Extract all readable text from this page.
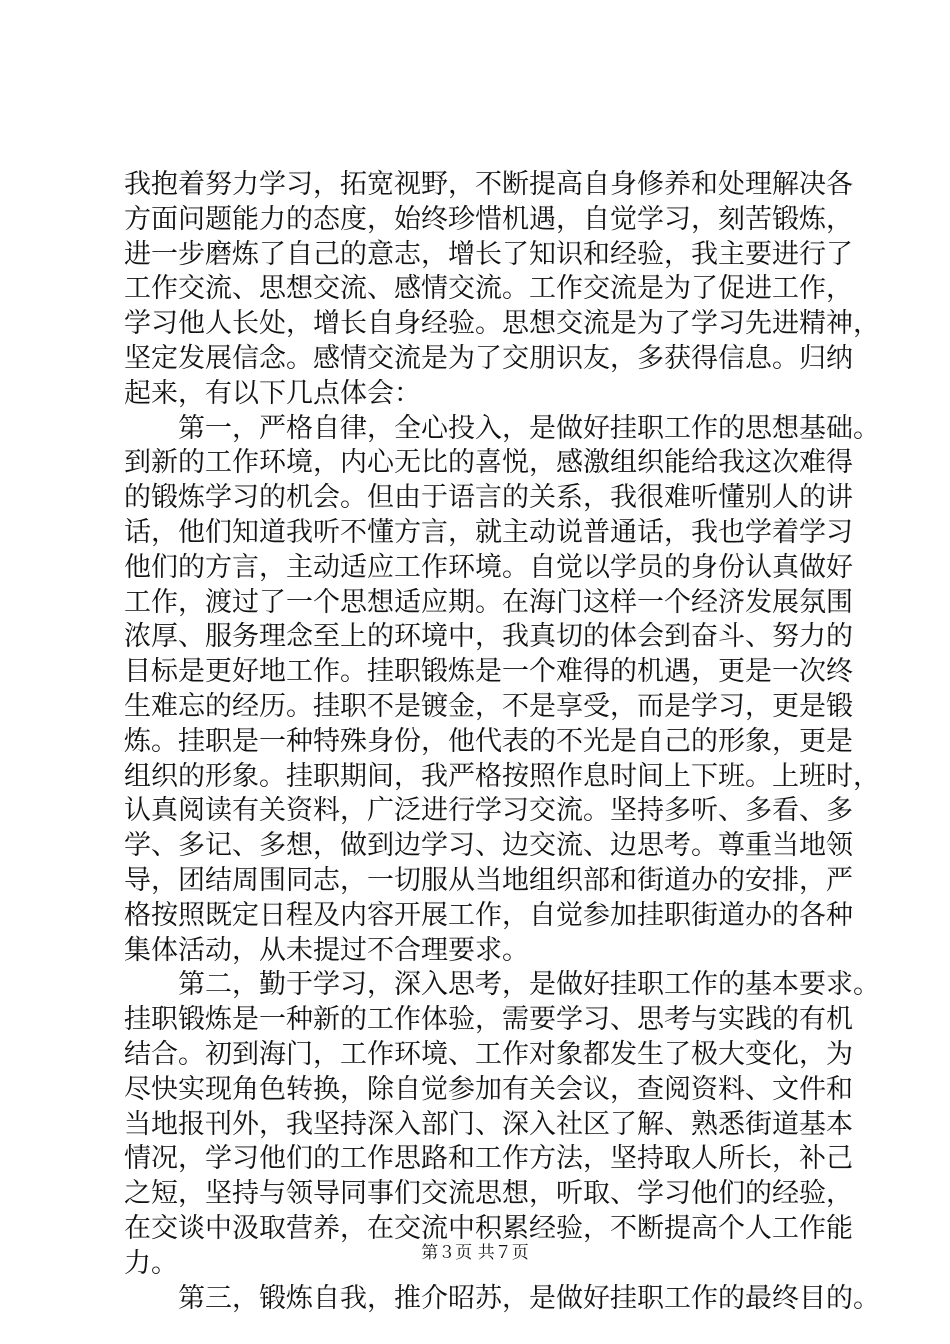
我抱着努力学习，拓宽视野，不断提高自身修养和处理解决各
方面问题能力的态度，始终珍惜机遇，自觉学习，刻苦锻炼，
进一步磨炼了自己的意志，增长了知识和经验，我主要进行了
工作交流、思想交流、感情交流。工作交流是为了促进工作，
学习他人长处，增长自身经验。思想交流是为了学习先进精神，
坚定发展信念。感情交流是为了交朋识友，多获得信息。归纳
起来，有以下几点体会：
　　第一，严格自律，全心投入，是做好挂职工作的思想基础。
到新的工作环境，内心无比的喜悦，感激组织能给我这次难得
的锻炼学习的机会。但由于语言的关系，我很难听懂别人的讲
话，他们知道我听不懂方言，就主动说普通话，我也学着学习
他们的方言，主动适应工作环境。自觉以学员的身份认真做好
工作，渡过了一个思想适应期。在海门这样一个经济发展氛围
浓厚、服务理念至上的环境中，我真切的体会到奋斗、努力的
目标是更好地工作。挂职锻炼是一个难得的机遇，更是一次终
生难忘的经历。挂职不是镀金，不是享受，而是学习，更是锻
炼。挂职是一种特殊身份，他代表的不光是自己的形象，更是
组织的形象。挂职期间，我严格按照作息时间上下班。上班时，
认真阅读有关资料，广泛进行学习交流。坚持多听、多看、多
学、多记、多想，做到边学习、边交流、边思考。尊重当地领
导，团结周围同志，一切服从当地组织部和街道办的安排，严
格按照既定日程及内容开展工作，自觉参加挂职街道办的各种
集体活动，从未提过不合理要求。
　　第二，勤于学习，深入思考，是做好挂职工作的基本要求。
挂职锻炼是一种新的工作体验，需要学习、思考与实践的有机
结合。初到海门，工作环境、工作对象都发生了极大变化，为
尽快实现角色转换，除自觉参加有关会议，查阅资料、文件和
当地报刊外，我坚持深入部门、深入社区了解、熟悉街道基本
情况，学习他们的工作思路和工作方法，坚持取人所长，补己
之短，坚持与领导同事们交流思想，听取、学习他们的经验，
在交谈中汲取营养，在交流中积累经验，不断提高个人工作能
力。
　　第三，锻炼自我，推介昭苏，是做好挂职工作的最终目的。
第３页 共７页
